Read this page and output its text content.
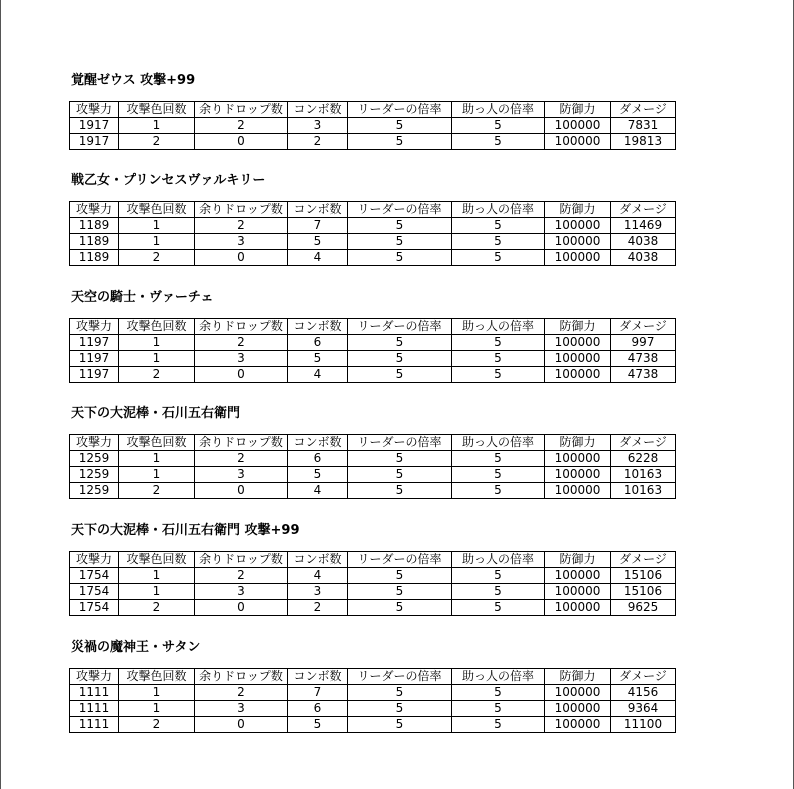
覚醒ゼウス 攻撃+99
攻撃力	攻撃色回数	余りドロップ数	コンボ数	リーダーの倍率	助っ人の倍率	防御力	ダメージ
1917	1	2	3	5	5	100000	7831
1917	2	0	2	5	5	100000	19813
戦乙女・プリンセスヴァルキリー
攻撃力	攻撃色回数	余りドロップ数	コンボ数	リーダーの倍率	助っ人の倍率	防御力	ダメージ
1189	1	2	7	5	5	100000	11469
1189	1	3	5	5	5	100000	4038
1189	2	0	4	5	5	100000	4038
天空の騎士・ヴァーチェ
攻撃力	攻撃色回数	余りドロップ数	コンボ数	リーダーの倍率	助っ人の倍率	防御力	ダメージ
1197	1	2	6	5	5	100000	997
1197	1	3	5	5	5	100000	4738
1197	2	0	4	5	5	100000	4738
天下の大泥棒・石川五右衛門
攻撃力	攻撃色回数	余りドロップ数	コンボ数	リーダーの倍率	助っ人の倍率	防御力	ダメージ
1259	1	2	6	5	5	100000	6228
1259	1	3	5	5	5	100000	10163
1259	2	0	4	5	5	100000	10163
天下の大泥棒・石川五右衛門 攻撃+99
攻撃力	攻撃色回数	余りドロップ数	コンボ数	リーダーの倍率	助っ人の倍率	防御力	ダメージ
1754	1	2	4	5	5	100000	15106
1754	1	3	3	5	5	100000	15106
1754	2	0	2	5	5	100000	9625
災禍の魔神王・サタン
攻撃力	攻撃色回数	余りドロップ数	コンボ数	リーダーの倍率	助っ人の倍率	防御力	ダメージ
1111	1	2	7	5	5	100000	4156
1111	1	3	6	5	5	100000	9364
1111	2	0	5	5	5	100000	11100
